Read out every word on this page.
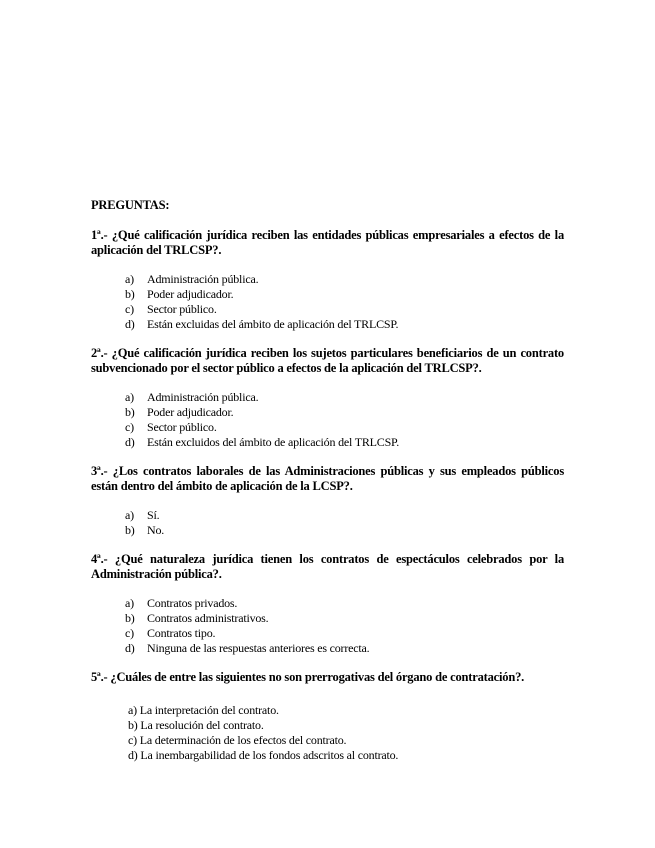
PREGUNTAS:

1ª.- ¿Qué calificación jurídica reciben las entidades públicas empresariales a efectos de la aplicación del TRLCSP?.

a) Administración pública.
b) Poder adjudicador.
c) Sector público.
d) Están excluidas del ámbito de aplicación del TRLCSP.

2ª.- ¿Qué calificación jurídica reciben los sujetos particulares beneficiarios de un contrato subvencionado por el sector público a efectos de la aplicación del TRLCSP?.

a) Administración pública.
b) Poder adjudicador.
c) Sector público.
d) Están excluidos del ámbito de aplicación del TRLCSP.

3ª.- ¿Los contratos laborales de las Administraciones públicas y sus empleados públicos están dentro del ámbito de aplicación de la LCSP?.

a) Sí.
b) No.

4ª.- ¿Qué naturaleza jurídica tienen los contratos de espectáculos celebrados por la Administración pública?.

a) Contratos privados.
b) Contratos administrativos.
c) Contratos tipo.
d) Ninguna de las respuestas anteriores es correcta.

5ª.- ¿Cuáles de entre las siguientes no son prerrogativas del órgano de contratación?.

a) La interpretación del contrato.
b) La resolución del contrato.
c) La determinación de los efectos del contrato.
d) La inembargabilidad de los fondos adscritos al contrato.
